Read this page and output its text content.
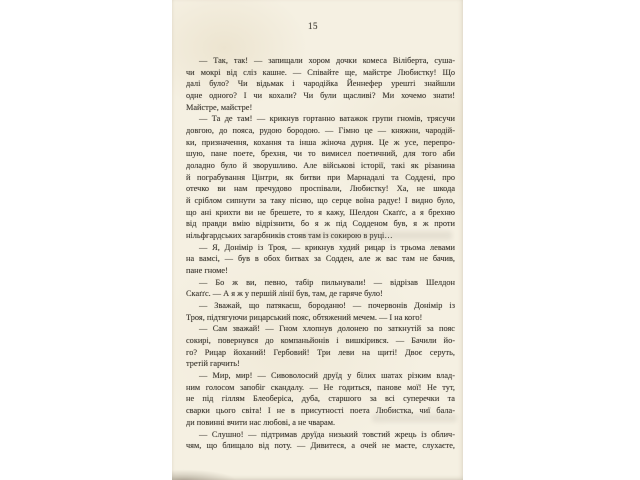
15
— Так, так! — запищали хором дочки комеса Віліберта, суша-
чи мокрі від сліз кашне. — Співайте ще, майстре Любистку! Що
далі було? Чи відьмак і чародійка Йеннефер урешті знайшли
одне одного? І чи кохали? Чи були щасливі? Ми хочемо знати!
Майстре, майстре!
— Та де там! — крикнув гортанно ватажок групи гномів, трясучи
довгою, до пояса, рудою бородою. — Гімно це — княжни, чародій-
ки, призначення, кохання та інша жіноча дурня. Це ж усе, перепро-
шую, пане поете, брехня, чи то вимисел поетичний, для того аби
доладно було й зворушливо. Але військові історії, такі як різанина
й пограбування Цінтри, як битви при Марнадалі та Соддені, про
отечко ви нам пречудово проспівали, Любистку! Ха, не шкода
й сріблом сипнути за таку пісню, що серце воїна радує! І видно було,
що ані крихти ви не брешете, то я кажу, Шелдон Скаґґс, а я брехню
від правди вмію відрізнити, бо я ж під Содденом був, я ж проти
нільфгардських загарбників стояв там із сокирою в руці…
— Я, Донімір із Троя, — крикнув худий рицар із трьома левами
на вамсі, — був в обох битвах за Содден, але ж вас там не бачив,
пане гноме!
— Бо ж ви, певно, табір пильнували! — відрізав Шелдон
Скаґґс. — А я ж у першій лінії був, там, де гаряче було!
— Зважай, що патякаєш, бороданю! — почервонів Донімір із
Троя, підтягуючи рицарський пояс, обтяжений мечем. — І на кого!
— Сам зважай! — Гном хлопнув долонею по заткнутій за пояс
сокирі, повернувся до компаньйонів і вишкірився. — Бачили йо-
го? Рицар йоханий! Гербовий! Три леви на щиті! Двоє серуть,
третій гарчить!
— Мир, мир! — Сивоволосий друїд у білих шатах різким влад-
ним голосом запобіг скандалу. — Не годиться, панове мої! Не тут,
не під гіллям Блеоберіса, дуба, старшого за всі суперечки та
сварки цього світа! І не в присутності поета Любистка, чиї бала-
ди повинні вчити нас любові, а не чварам.
— Слушно! — підтримав друїда низький товстий жрець із облич-
чям, що блищало від поту. — Дивитеся, а очей не маєте, слухаєте,
